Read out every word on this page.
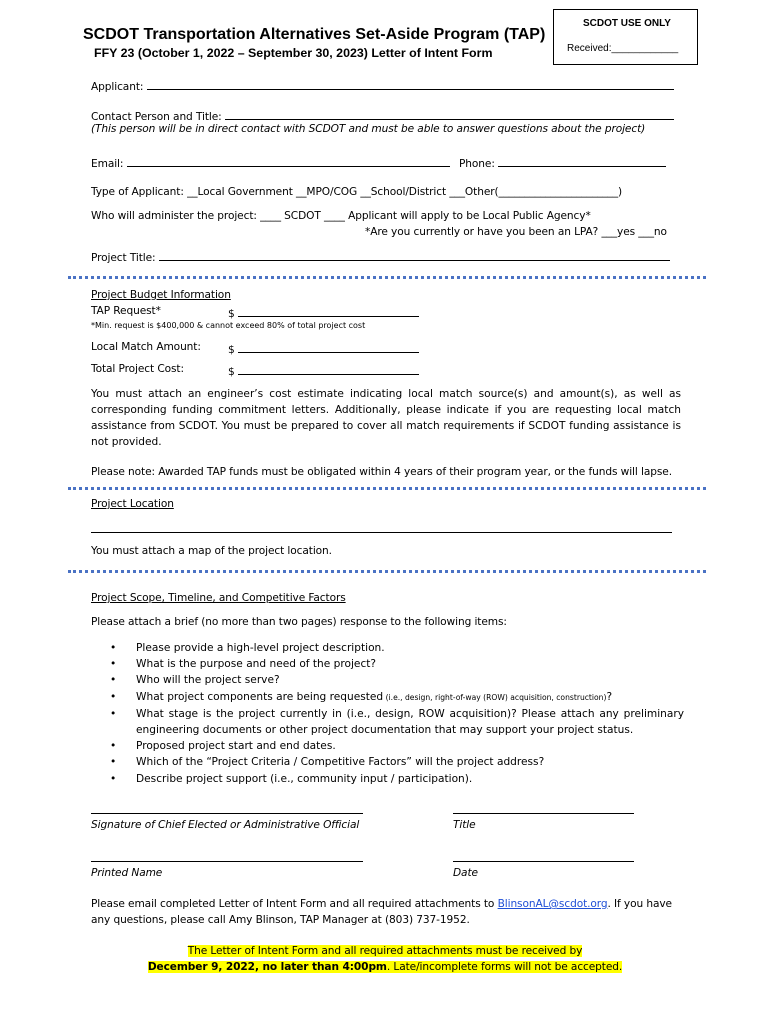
SCDOT Transportation Alternatives Set-Aside Program (TAP)
FFY 23 (October 1, 2022 – September 30, 2023) Letter of Intent Form
SCDOT USE ONLY
Received:____________
Applicant:
Contact Person and Title:
(This person will be in direct contact with SCDOT and must be able to answer questions about the project)
Email:	Phone:
Type of Applicant: __Local Government __MPO/COG __School/District ___Other(_______________________)
Who will administer the project: ____ SCDOT ____ Applicant will apply to be Local Public Agency*
*Are you currently or have you been an LPA? ___yes ___no
Project Title:
Project Budget Information
TAP Request*	$
*Min. request is $400,000 & cannot exceed 80% of total project cost
Local Match Amount:	$
Total Project Cost:	$
You must attach an engineer’s cost estimate indicating local match source(s) and amount(s), as well as corresponding funding commitment letters. Additionally, please indicate if you are requesting local match assistance from SCDOT. You must be prepared to cover all match requirements if SCDOT funding assistance is not provided.
Please note: Awarded TAP funds must be obligated within 4 years of their program year, or the funds will lapse.
Project Location
You must attach a map of the project location.
Project Scope, Timeline, and Competitive Factors
Please attach a brief (no more than two pages) response to the following items:
• Please provide a high-level project description.
• What is the purpose and need of the project?
• Who will the project serve?
• What project components are being requested (i.e., design, right-of-way (ROW) acquisition, construction)?
• What stage is the project currently in (i.e., design, ROW acquisition)? Please attach any preliminary engineering documents or other project documentation that may support your project status.
• Proposed project start and end dates.
• Which of the “Project Criteria / Competitive Factors” will the project address?
• Describe project support (i.e., community input / participation).
Signature of Chief Elected or Administrative Official	Title
Printed Name	Date
Please email completed Letter of Intent Form and all required attachments to BlinsonAL@scdot.org. If you have
any questions, please call Amy Blinson, TAP Manager at (803) 737-1952.
The Letter of Intent Form and all required attachments must be received by
December 9, 2022, no later than 4:00pm. Late/incomplete forms will not be accepted.
